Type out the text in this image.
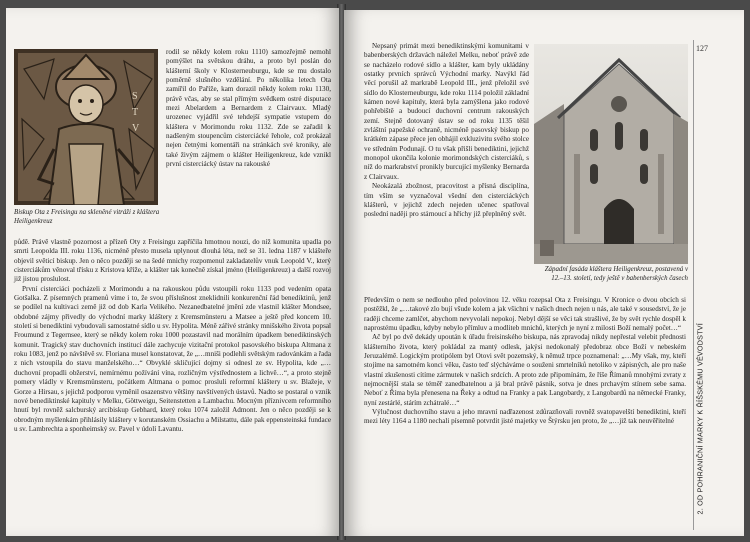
S
T
V
Biskup Ota z Freisingu na skleněné vitráži z kláštera Heiligenkreuz

rodil se někdy kolem roku 1110) samozřejmě nemohl pomýšlet na světskou dráhu, a proto byl poslán do klášterní školy v Klosterneuburgu, kde se mu dostalo poměrně slušného vzdělání. Po několika letech Ota zamířil do Paříže, kam dorazil někdy kolem roku 1130, právě včas, aby se stal přímým svědkem ostré disputace mezi Abelardem a Bernardem z Clairvaux. Mladý urozenec vyjádřil své tehdejší sympatie vstupem do kláštera v Morimondu roku 1132. Zde se zařadil k nadšeným stoupencům cisterciácké řehole, což prokázal nejen četnými komentáři na stránkách své kroniky, ale také živým zájmem o klášter Heiligenkreuz, kde vznikl první cisterciácký ústav na rakouské

půdě. Právě vlastně pozornost a přízeň Oty z Freisingu zapříčila hmotnou nouzi, do níž komunita upadla po smrti Leopolda III. roku 1136, nicméně přesto musela uplynout dlouhá léta, než se 31. ledna 1187 v klášteře objevil světicí biskup. Jen o něco později se na šedé mnichy rozpomenul zakladatelův vnuk Leopold V., který cisterciákům věnoval třísku z Kristova kříže, a klášter tak konečně získal jméno (Heiligenkreuz) a další rozvoj již jistou proslulost.

První cisterciáci pocházeli z Morimondu a na rakouskou půdu vstoupili roku 1133 pod vedením opata Gotšalka. Z písemných pramenů víme i to, že svou příslušnost zneklidnili konkurenční řád benediktinů, jenž se podílel na kultivaci země již od dob Karla Velikého. Nezanedbatelné jmění zde vlastnil klášter Mondsee, obdobné zájmy přivedly do východní marky kláštery z Kremsmünsteru a Matsee a ještě před koncem 10. století si benediktini vybudovali samostatné sídlo u sv. Hypolita. Méně zářivé stránky mnišského života popsal Froumund z Tegernsee, který se někdy kolem roku 1000 pozastavil nad morálním úpadkem benediktinských komunit. Tragický stav duchovních institucí dále zachycuje vizitační protokol pasovského biskupa Altmana z roku 1083, jenž po návštěvě sv. Floriana musel konstatovat, že „…mniši podlehli světským radovánkám a řada z nich vstoupila do stavu manželského…“ Obvyklé skličující dojmy si odnesl ze sv. Hypolita, kde „…duchovní propadli obžerství, nemírnému požívání vína, rozličným výstřednostem a lichvě…“, a proto stejně pomery vládly v Kremsmünsteru, počátkem Altmana o pomoc prosluli reformní kláštery u sv. Blažeje, v Gorze a Hirsau, s jejichž podporou vyměnil osazenstvo většiny navštívených ústavů. Nadto se postaral o vznik nové benediktinské kapituly v Melku, Göttweigu, Seitenstetten a Lambachu. Mocným příznivcem reformního hnutí byl rovněž salcburský arcibiskup Gebhard, který roku 1074 založil Admont. Jen o něco později se k obrodným myšlenkám přihlásily kláštery v korutanském Ossiachu a Milstattu, dále pak eppensteinská fundace u sv. Lambrechta a sponheimský sv. Pavel v údolí Lavantu.

Nepsaný primát mezi benediktinskými komunitami v babenberských državách náležel Melku, neboť právě zde se nacházelo rodové sídlo a klášter, kam byly ukládány ostatky prvních správců Východní marky. Navýkl řád věcí porušil až markrabě Leopold III., jenž přeložil své sídlo do Klosterneuburgu, kde roku 1114 položil základní kámen nové kapituly, která byla zamýšlena jako rodové pohřebiště a budoucí duchovní centrum rakouských zemí. Stejně dotovaný ústav se od roku 1135 těšil zvláštní papežské ochraně, nicméně pasovský biskup po krátkém zápase přece jen obhájil exkluzivitu svého stolce ve středním Podunají. O tu však přišli benediktini, jejichž monopol ukončila kolonie morimondských cisterciáků, s níž do markrabství pronikly burcující myšlenky Bernarda z Clairvaux.

Neokázalá zbožnost, pracovitost a přísná disciplína, tím vším se vyznačoval všední den cisterciáckých klášterů, v jejichž zdech nejeden učenec spatřoval poslední naději pro stárnoucí a hříchy již přeplněný svět.

Západní fasáda kláštera Heiligenkreuz, postavená v 12.–13. století, tedy ještě v babenberských časech

Především o nem se nedlouho před polovinou 12. věku rozepsal Ota z Freisingu. V Kronice o dvou obcích si postěžkl, že „…takové zlo bují všude kolem a jak všichni v našich dnech nejen u nás, ale také v sousedství, že je raději chceme zamlčet, abychom nevyvolali nepokoj. Nebyl dější se věci tak strašlivé, že by svět rychle dospěl k naprostému úpadku, kdyby nebylo přímluv a modliteb mnichů, kterých je nyní z milosti Boží nemalý počet…“

Ač byl po dvě dekády upoután k úřadu freisinského biskupa, nás zpravodaj nikdy nepřestal velebit přednosti klášterního života, který pokládal za mantý odlesk, jakýsi nedokonalý předobraz obce Boží v nebeském Jeruzalémě. Logickým protipólem byl Otovi svět pozemský, k němuž trpce poznamenal: „…My však, my, kteří stojíme na samotném konci věku, často teď slýcháváme o souženi smrtelníků netolikо v zápisných, ale pro naše vlastní zkušenosti cítíme zármutek v našich srdcích. A proto zde připomínám, že říše Římanů mnohými zvraty z nejmocnější stala se téměř zanedbatelnou a já bral právě pásnik, sotva je dnes prchavým stínem sebe sama. Neboť z Říma byla přenesena na Řeky a odtud na Franky a pak Langobardy, z Langobardů na německé Franky, nyní zestárlé, stárím zchátralé…“

Výlučnost duchovního stavu a jeho mravní nadřazenost zdůrazňovali rovněž svatopavelští benediktini, kteří mezi léty 1164 a 1180 nechali písemně potvrdit jisté majetky ve Štýrsku jen proto, že „…již tak neuvěřitelné

127
2. OD POHRANIČNÍ MARKY K ŘÍŠSKÉMU VÉVODSTVÍ
